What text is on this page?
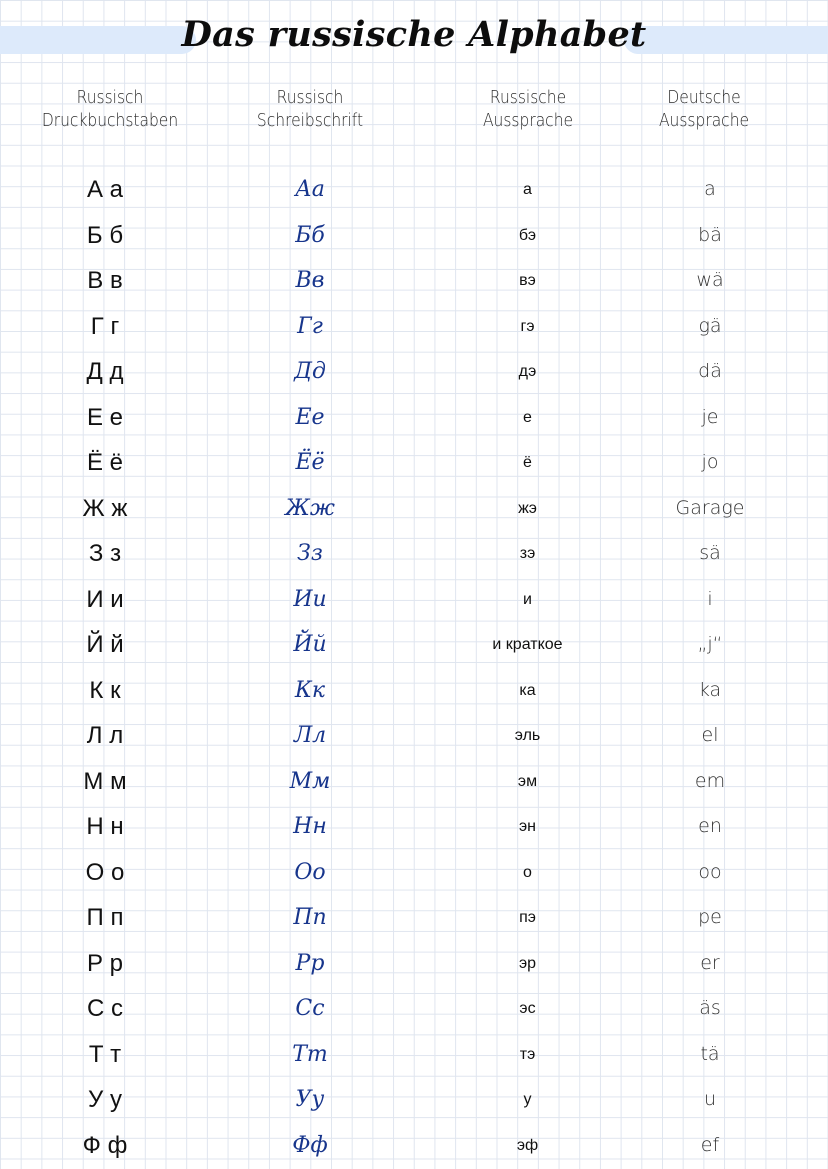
Das russische Alphabet
Russisch
Druckbuchstaben
Russisch
Schreibschrift
Russische
Aussprache
Deutsche
Aussprache
А а	Аа	а	a
Б б	Бб	бэ	bä
В в	Вв	вэ	wä
Г г	Гг	гэ	gä
Д д	Дд	дэ	dä
Е е	Ее	е	je
Ё ё	Ёё	ё	jo
Ж ж	Жж	жэ	Garage
З з	Зз	зэ	sä
И и	Ии	и	i
Й й	Йй	и краткое	„j“
К к	Кк	ка	ka
Л л	Лл	эль	el
М м	Мм	эм	em
Н н	Нн	эн	en
О о	Оо	о	oo
П п	Пп	пэ	pe
Р р	Рр	эр	er
С с	Сс	эс	äs
Т т	Тт	тэ	tä
У у	Уу	у	u
Ф ф	Фф	эф	ef
